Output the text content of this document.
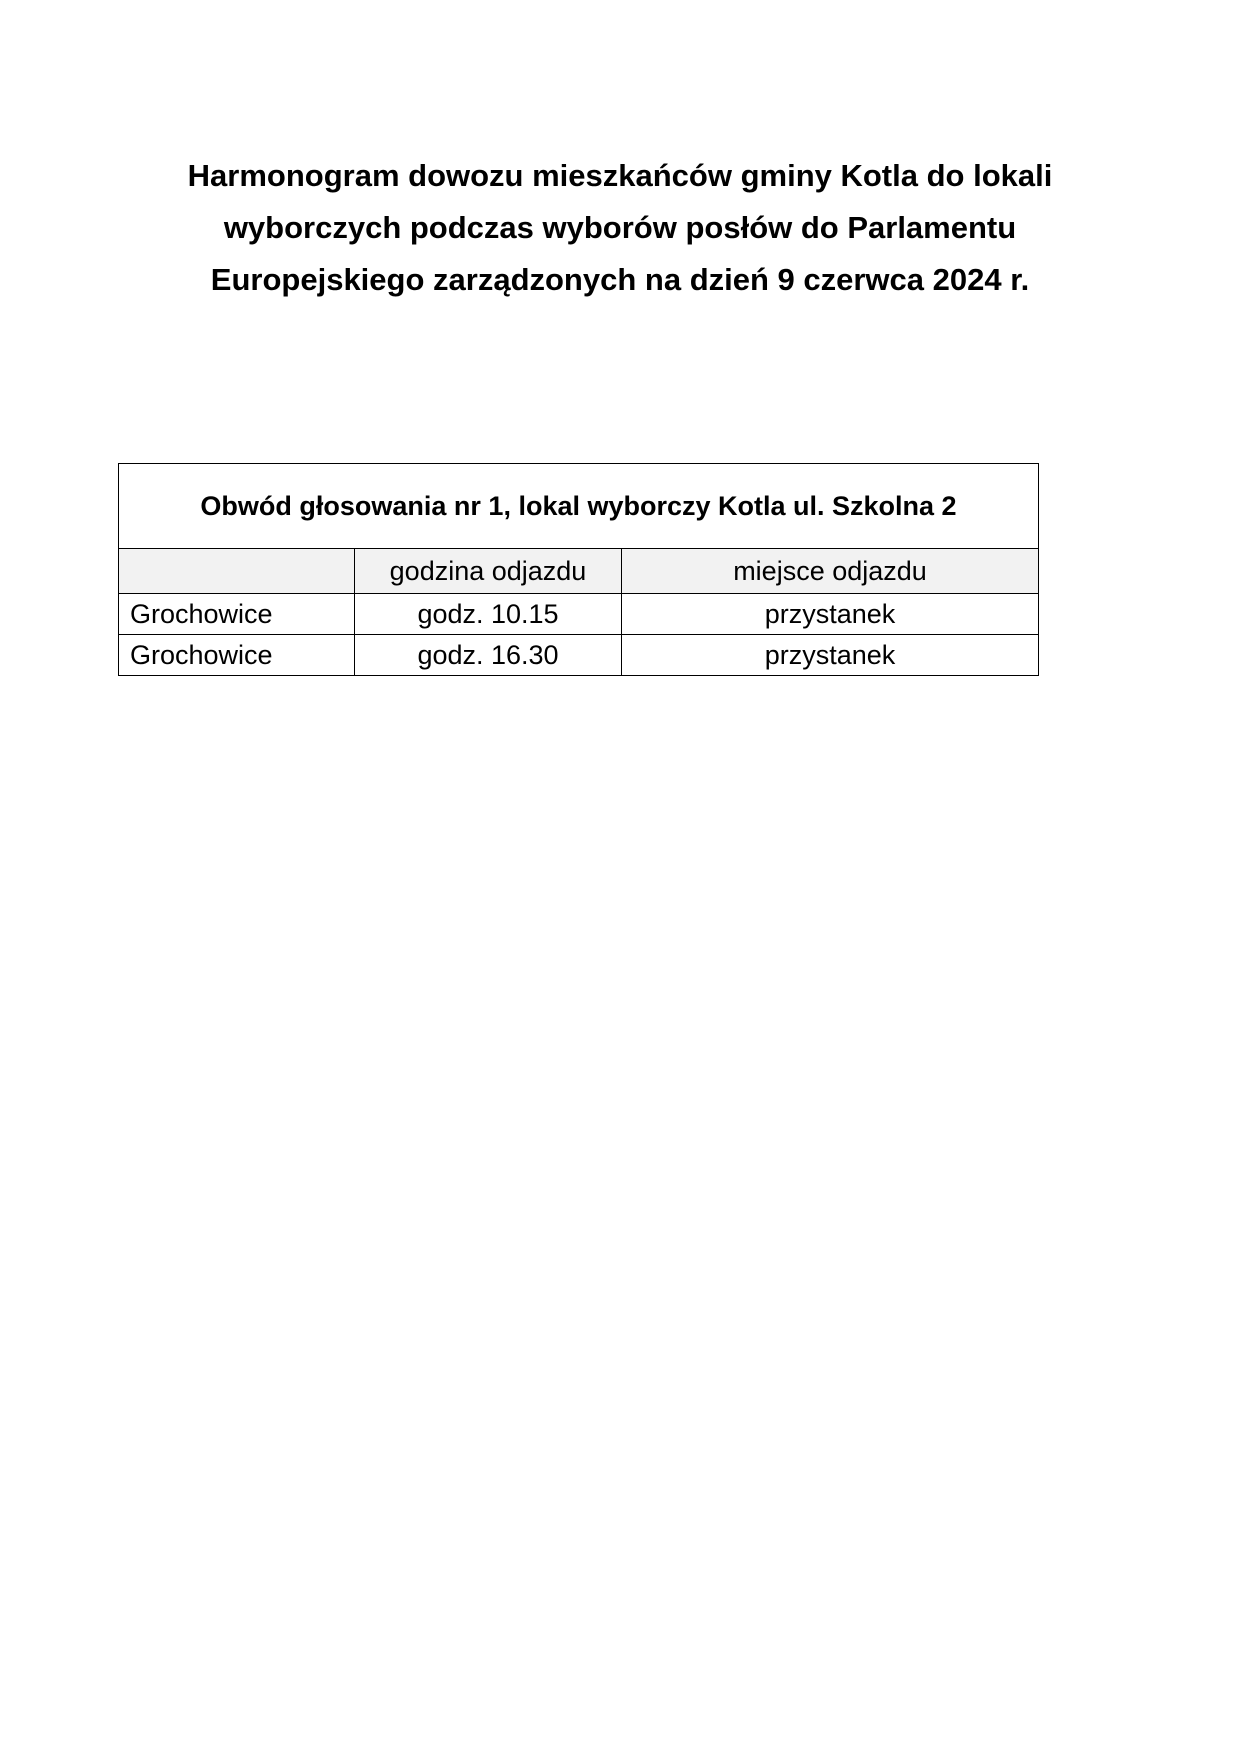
Harmonogram dowozu mieszkańców gminy Kotla do lokali
wyborczych podczas wyborów posłów do Parlamentu
Europejskiego zarządzonych na dzień 9 czerwca 2024 r.
Obwód głosowania nr 1, lokal wyborczy Kotla ul. Szkolna 2		
	godzina odjazdu	miejsce odjazdu
Grochowice	godz. 10.15	przystanek
Grochowice	godz. 16.30	przystanek
